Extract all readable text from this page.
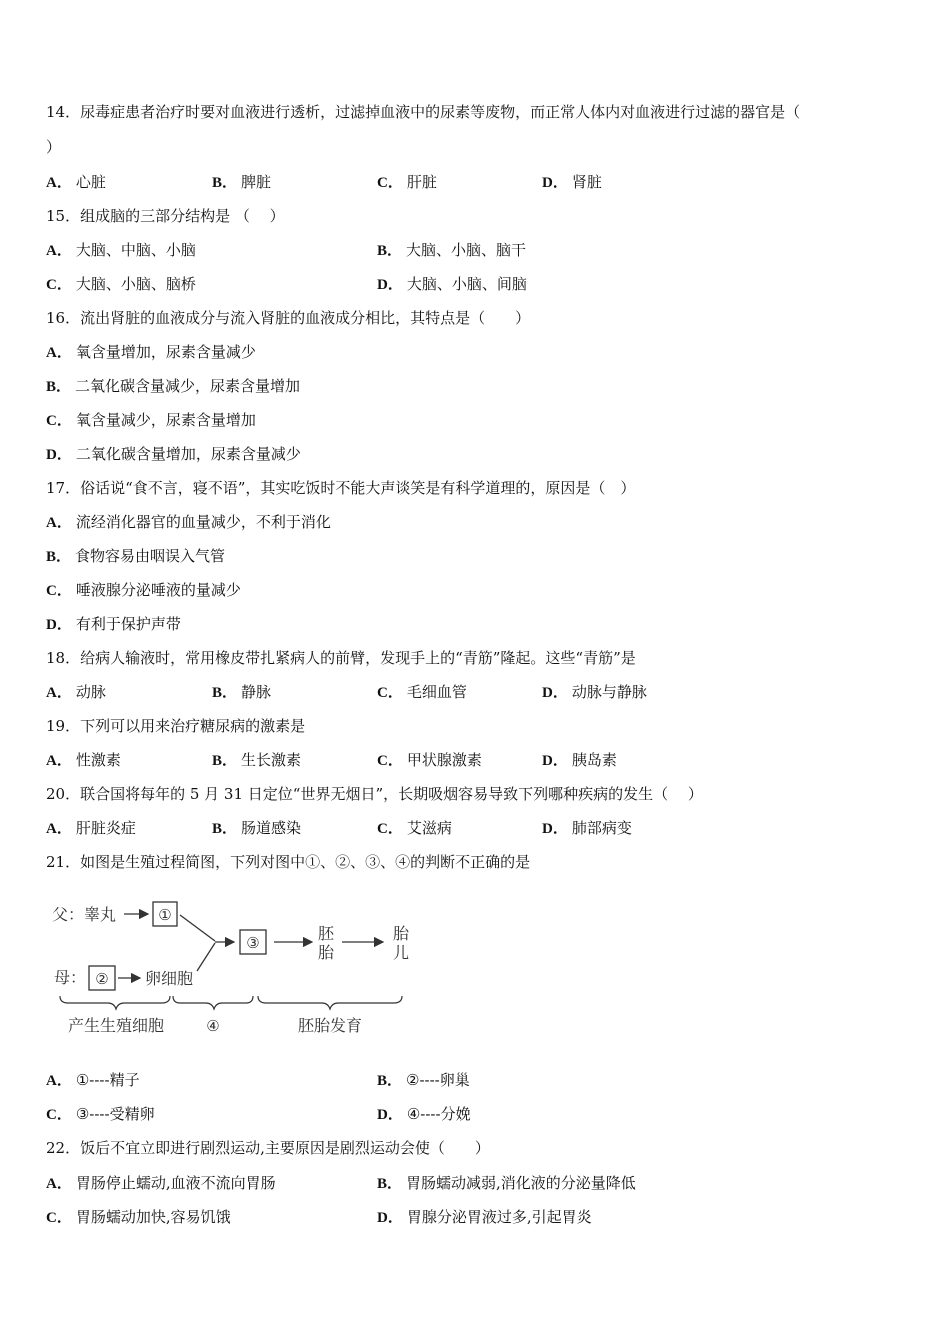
14．尿毒症患者治疗时要对血液进行透析，过滤掉血液中的尿素等废物，而正常人体内对血液进行过滤的器官是（
）
A． 心脏	B． 脾脏	C． 肝脏	D． 肾脏
15．组成脑的三部分结构是 （　 ）
A． 大脑、中脑、小脑	B． 大脑、小脑、脑干
C． 大脑、小脑、脑桥	D． 大脑、小脑、间脑
16．流出肾脏的血液成分与流入肾脏的血液成分相比，其特点是（　　）
A． 氧含量增加，尿素含量减少
B． 二氧化碳含量减少，尿素含量增加
C． 氧含量减少，尿素含量增加
D． 二氧化碳含量增加，尿素含量减少
17．俗话说“食不言，寝不语”，其实吃饭时不能大声谈笑是有科学道理的，原因是（　）
A． 流经消化器官的血量减少，不利于消化
B． 食物容易由咽误入气管
C． 唾液腺分泌唾液的量减少
D． 有利于保护声带
18．给病人输液时，常用橡皮带扎紧病人的前臂，发现手上的“青筋”隆起。这些“青筋”是
A． 动脉	B． 静脉	C． 毛细血管	D． 动脉与静脉
19．下列可以用来治疗糖尿病的激素是
A． 性激素	B． 生长激素	C． 甲状腺激素	D． 胰岛素
20．联合国将每年的 5 月 31 日定位“世界无烟日”，长期吸烟容易导致下列哪种疾病的发生（　 ）
A． 肝脏炎症	B． 肠道感染	C． 艾滋病	D． 肺部病变
21．如图是生殖过程简图，下列对图中①、②、③、④的判断不正确的是
父：睾丸	①
③	胚
胎
胎
儿
母： ② 卵细胞
产生生殖细胞	④	胚胎发育
A． ①----精子	B． ②----卵巢
C． ③----受精卵	D． ④----分娩
22．饭后不宜立即进行剧烈运动,主要原因是剧烈运动会使（　　）
A． 胃肠停止蠕动,血液不流向胃肠	B． 胃肠蠕动减弱,消化液的分泌量降低
C． 胃肠蠕动加快,容易饥饿	D． 胃腺分泌胃液过多,引起胃炎
